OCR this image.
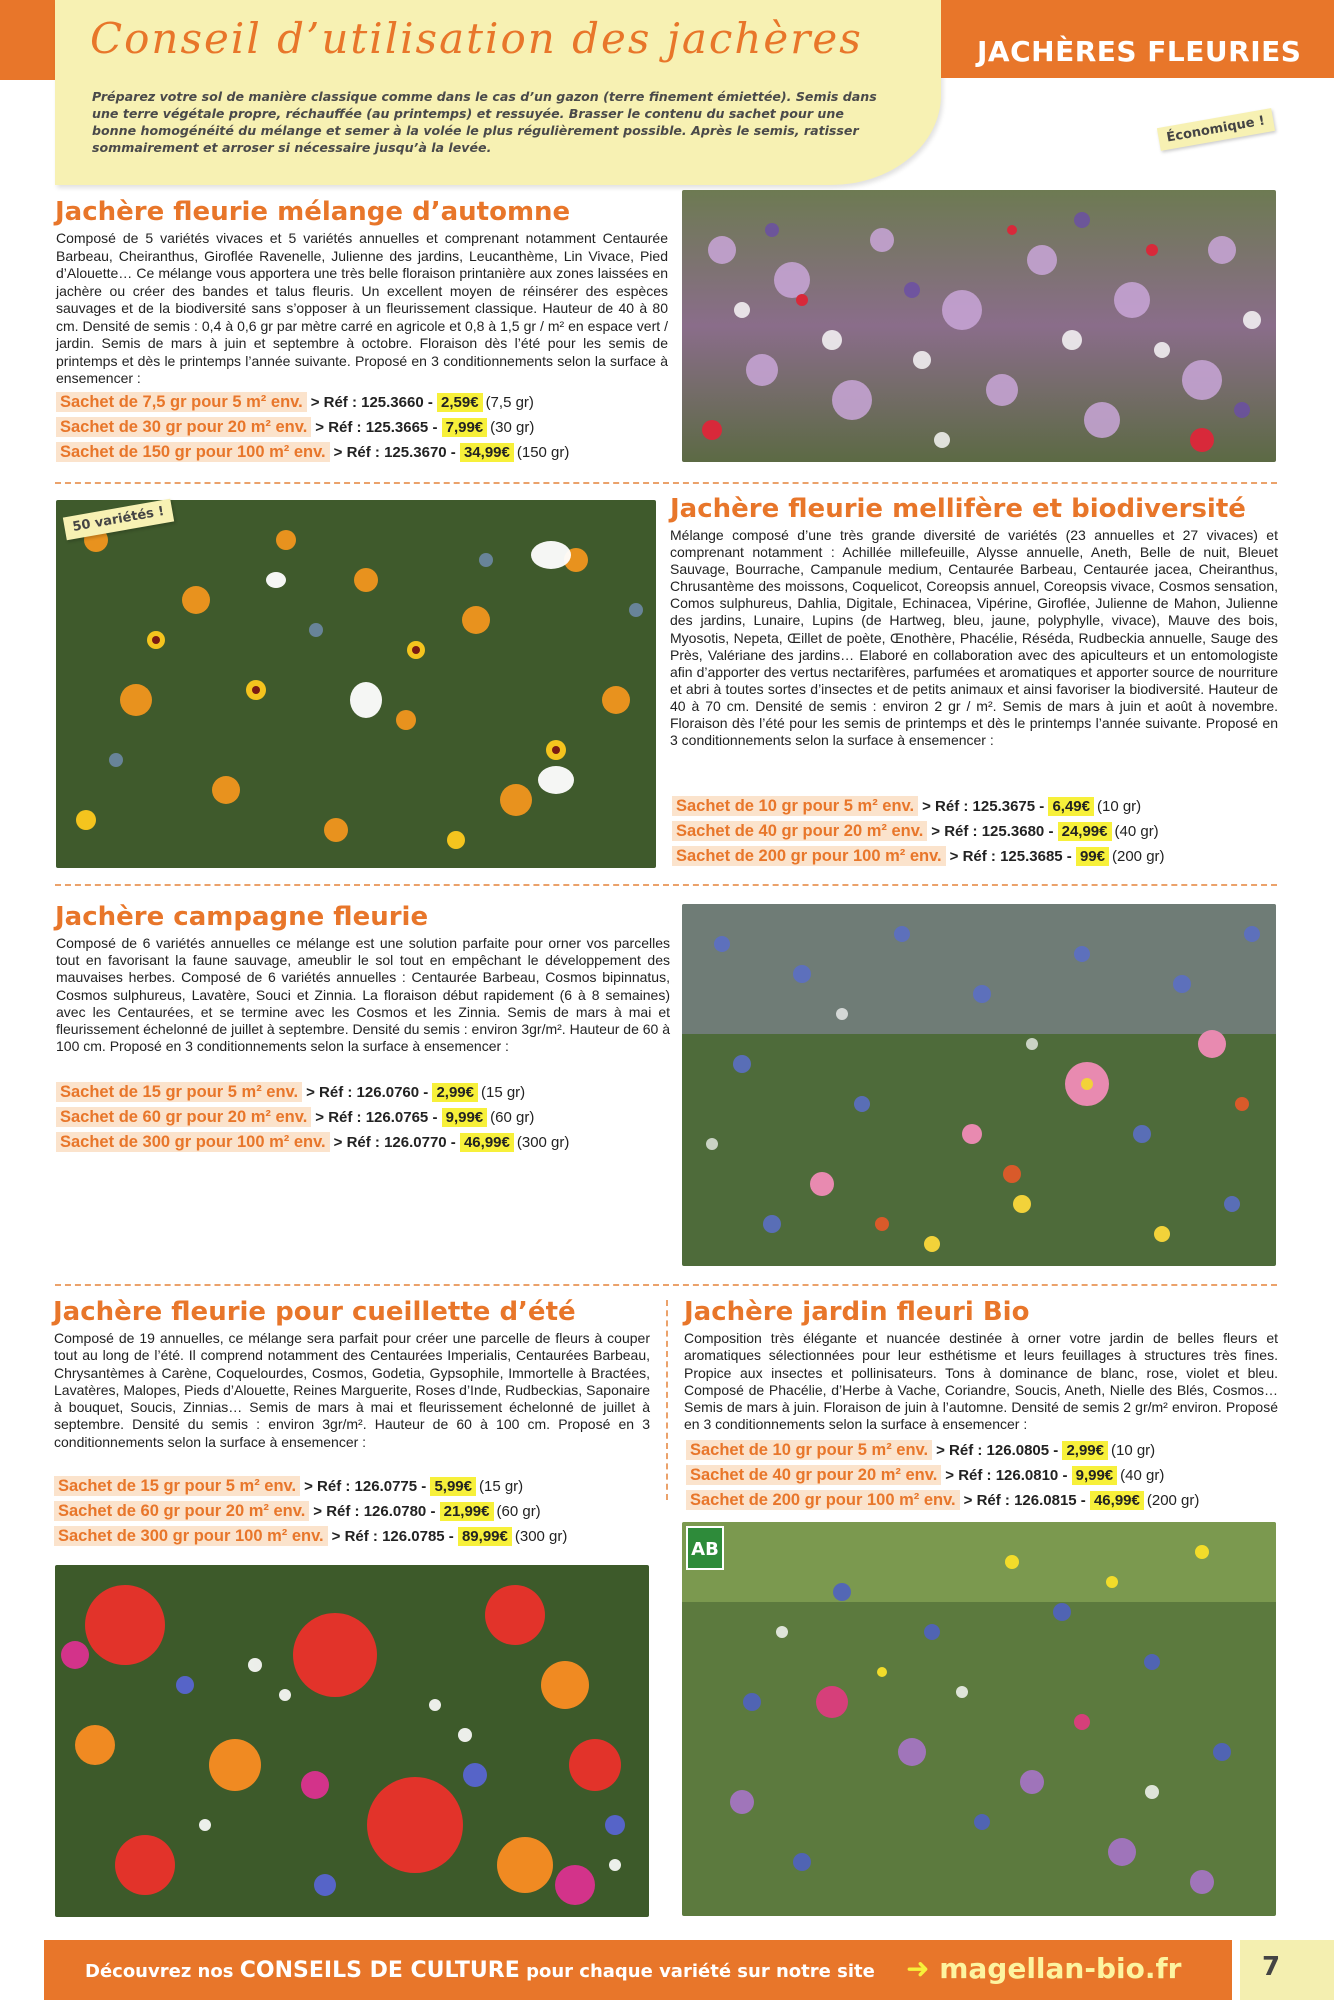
Conseil d’utilisation des jachères
Préparez votre sol de manière classique comme dans le cas d’un gazon (terre finement émiettée). Semis dans une terre végétale propre, réchauffée (au printemps) et ressuyée. Brasser le contenu du sachet pour une bonne homogénéité du mélange et semer à la volée le plus régulièrement possible. Après le semis, ratisser sommairement et arroser si nécessaire jusqu’à la levée.
JACHÈRES FLEURIES
Jachère fleurie mélange d’automne
Composé de 5 variétés vivaces et 5 variétés annuelles et comprenant notamment Centaurée Barbeau, Cheiranthus, Giroflée Ravenelle, Julienne des jardins, Leucanthème, Lin Vivace, Pied d’Alouette… Ce mélange vous apportera une très belle floraison printanière aux zones laissées en jachère ou créer des bandes et talus fleuris. Un excellent moyen de réinsérer des espèces sauvages et de la biodiversité sans s’opposer à un fleurissement classique. Hauteur de 40 à 80 cm. Densité de semis : 0,4 à 0,6 gr par mètre carré en agricole et 0,8 à 1,5 gr / m² en espace vert / jardin. Semis de mars à juin et septembre à octobre. Floraison dès l’été pour les semis de printemps et dès le printemps l’année suivante. Proposé en 3 conditionnements selon la surface à ensemencer :
Sachet de 7,5 gr pour 5 m² env. > Réf : 125.3660 - 2,59€ (7,5 gr)
Sachet de 30 gr pour 20 m² env. > Réf : 125.3665 - 7,99€ (30 gr)
Sachet de 150 gr pour 100 m² env. > Réf : 125.3670 - 34,99€ (150 gr)
Économique !
50 variétés !	Jachère fleurie mellifère et biodiversité
Mélange composé d’une très grande diversité de variétés (23 annuelles et 27 vivaces) et comprenant notamment : Achillée millefeuille, Alysse annuelle, Aneth, Belle de nuit, Bleuet Sauvage, Bourrache, Campanule medium, Centaurée Barbeau, Centaurée jacea, Cheiranthus, Chrusantème des moissons, Coquelicot, Coreopsis annuel, Coreopsis vivace, Cosmos sensation, Comos sulphureus, Dahlia, Digitale, Echinacea, Vipérine, Giroflée, Julienne de Mahon, Julienne des jardins, Lunaire, Lupins (de Hartweg, bleu, jaune, polyphylle, vivace), Mauve des bois, Myosotis, Nepeta, Œillet de poète, Œnothère, Phacélie, Réséda, Rudbeckia annuelle, Sauge des Près, Valériane des jardins… Elaboré en collaboration avec des apiculteurs et un entomologiste afin d’apporter des vertus nectarifères, parfumées et aromatiques et apporter source de nourriture et abri à toutes sortes d’insectes et de petits animaux et ainsi favoriser la biodiversité. Hauteur de 40 à 70 cm. Densité de semis : environ 2 gr / m². Semis de mars à juin et août à novembre. Floraison dès l’été pour les semis de printemps et dès le printemps l’année suivante. Proposé en 3 conditionnements selon la surface à ensemencer :
Sachet de 10 gr pour 5 m² env. > Réf : 125.3675 - 6,49€ (10 gr)
Sachet de 40 gr pour 20 m² env. > Réf : 125.3680 - 24,99€ (40 gr)
Sachet de 200 gr pour 100 m² env. > Réf : 125.3685 - 99€ (200 gr)
Jachère campagne fleurie
Composé de 6 variétés annuelles ce mélange est une solution parfaite pour orner vos parcelles tout en favorisant la faune sauvage, ameublir le sol tout en empêchant le développement des mauvaises herbes. Composé de 6 variétés annuelles : Centaurée Barbeau, Cosmos bipinnatus, Cosmos sulphureus, Lavatère, Souci et Zinnia. La floraison début rapidement (6 à 8 semaines) avec les Centaurées, et se termine avec les Cosmos et les Zinnia. Semis de mars à mai et fleurissement échelonné de juillet à septembre. Densité du semis : environ 3gr/m². Hauteur de 60 à 100 cm. Proposé en 3 conditionnements selon la surface à ensemencer :
Sachet de 15 gr pour 5 m² env. > Réf : 126.0760 - 2,99€ (15 gr)
Sachet de 60 gr pour 20 m² env. > Réf : 126.0765 - 9,99€ (60 gr)
Sachet de 300 gr pour 100 m² env. > Réf : 126.0770 - 46,99€ (300 gr)
Jachère fleurie pour cueillette d’été
Composé de 19 annuelles, ce mélange sera parfait pour créer une parcelle de fleurs à couper tout au long de l’été. Il comprend notamment des Centaurées Imperialis, Centaurées Barbeau, Chrysantèmes à Carène, Coquelourdes, Cosmos, Godetia, Gypsophile, Immortelle à Bractées, Lavatères, Malopes, Pieds d’Alouette, Reines Marguerite, Roses d’Inde, Rudbeckias, Saponaire à bouquet, Soucis, Zinnias… Semis de mars à mai et fleurissement échelonné de juillet à septembre. Densité du semis : environ 3gr/m². Hauteur de 60 à 100 cm. Proposé en 3 conditionnements selon la surface à ensemencer :
Sachet de 15 gr pour 5 m² env. > Réf : 126.0775 - 5,99€ (15 gr)
Sachet de 60 gr pour 20 m² env. > Réf : 126.0780 - 21,99€ (60 gr)
Sachet de 300 gr pour 100 m² env. > Réf : 126.0785 - 89,99€ (300 gr)
Jachère jardin fleuri Bio
Composition très élégante et nuancée destinée à orner votre jardin de belles fleurs et aromatiques sélectionnées pour leur esthétisme et leurs feuillages à structures très fines. Propice aux insectes et pollinisateurs. Tons à dominance de blanc, rose, violet et bleu. Composé de Phacélie, d’Herbe à Vache, Coriandre, Soucis, Aneth, Nielle des Blés, Cosmos…Semis de mars à juin. Floraison de juin à l’automne. Densité de semis 2 gr/m² environ. Proposé en 3 conditionnements selon la surface à ensemencer :
Sachet de 10 gr pour 5 m² env. > Réf : 126.0805 - 2,99€ (10 gr)
Sachet de 40 gr pour 20 m² env. > Réf : 126.0810 - 9,99€ (40 gr)
Sachet de 200 gr pour 100 m² env. > Réf : 126.0815 - 46,99€ (200 gr)
AB
Découvrez nos CONSEILS DE CULTURE pour chaque variété sur notre site ➜ magellan-bio.fr	7
